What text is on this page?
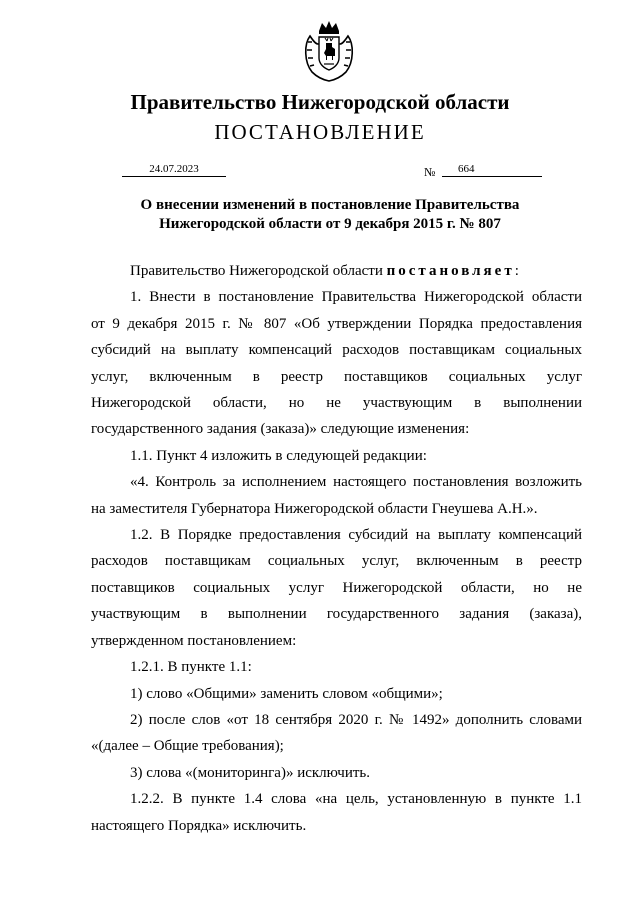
Правительство Нижегородской области
ПОСТАНОВЛЕНИЕ
24.07.2023	№	664
О внесении изменений в постановление Правительства
Нижегородской области от 9 декабря 2015 г. № 807

Правительство Нижегородской области постановляет:

1. Внести в постановление Правительства Нижегородской области

от 9 декабря 2015 г. № 807 «Об утверждении Порядка предоставления

субсидий на выплату компенсаций расходов поставщикам социальных

услуг, включенным в реестр поставщиков социальных услуг

Нижегородской области, но не участвующим в выполнении

государственного задания (заказа)» следующие изменения:

1.1. Пункт 4 изложить в следующей редакции:

«4. Контроль за исполнением настоящего постановления возложить

на заместителя Губернатора Нижегородской области Гнеушева А.Н.».

1.2. В Порядке предоставления субсидий на выплату компенсаций

расходов поставщикам социальных услуг, включенным в реестр

поставщиков социальных услуг Нижегородской области, но не

участвующим в выполнении государственного задания (заказа),

утвержденном постановлением:

1.2.1. В пункте 1.1:

1) слово «Общими» заменить словом «общими»;

2) после слов «от 18 сентября 2020 г. № 1492» дополнить словами

«(далее – Общие требования);

3) слова «(мониторинга)» исключить.

1.2.2. В пункте 1.4 слова «на цель, установленную в пункте 1.1

настоящего Порядка» исключить.
